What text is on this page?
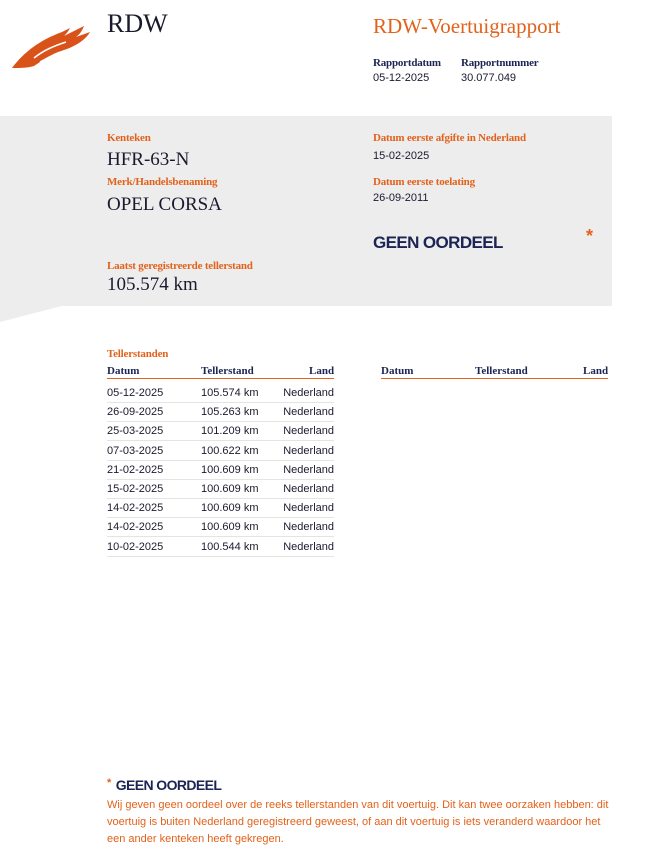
RDW	RDW-Voertuigrapport
Rapportdatum
05-12-2025
Rapportnummer
30.077.049
Kenteken
HFR-63-N
Merk/Handelsbenaming
OPEL CORSA
Laatst geregistreerde tellerstand
105.574 km
Datum eerste afgifte in Nederland
15-02-2025
Datum eerste toelating
26-09-2011
GEEN OORDEEL	*
Tellerstanden
Datum	Tellerstand	Land	Datum	Tellerstand	Land
05-12-2025	105.574 km Nederland
26-09-2025	105.263 km Nederland
25-03-2025	101.209 km Nederland
07-03-2025	100.622 km Nederland
21-02-2025	100.609 km Nederland
15-02-2025	100.609 km Nederland
14-02-2025	100.609 km Nederland
14-02-2025	100.609 km Nederland
10-02-2025	100.544 km Nederland
* GEEN OORDEEL
Wij geven geen oordeel over de reeks tellerstanden van dit voertuig. Dit kan twee oorzaken hebben: dit voertuig is buiten Nederland geregistreerd geweest, of aan dit voertuig is iets veranderd waardoor het een ander kenteken heeft gekregen.
